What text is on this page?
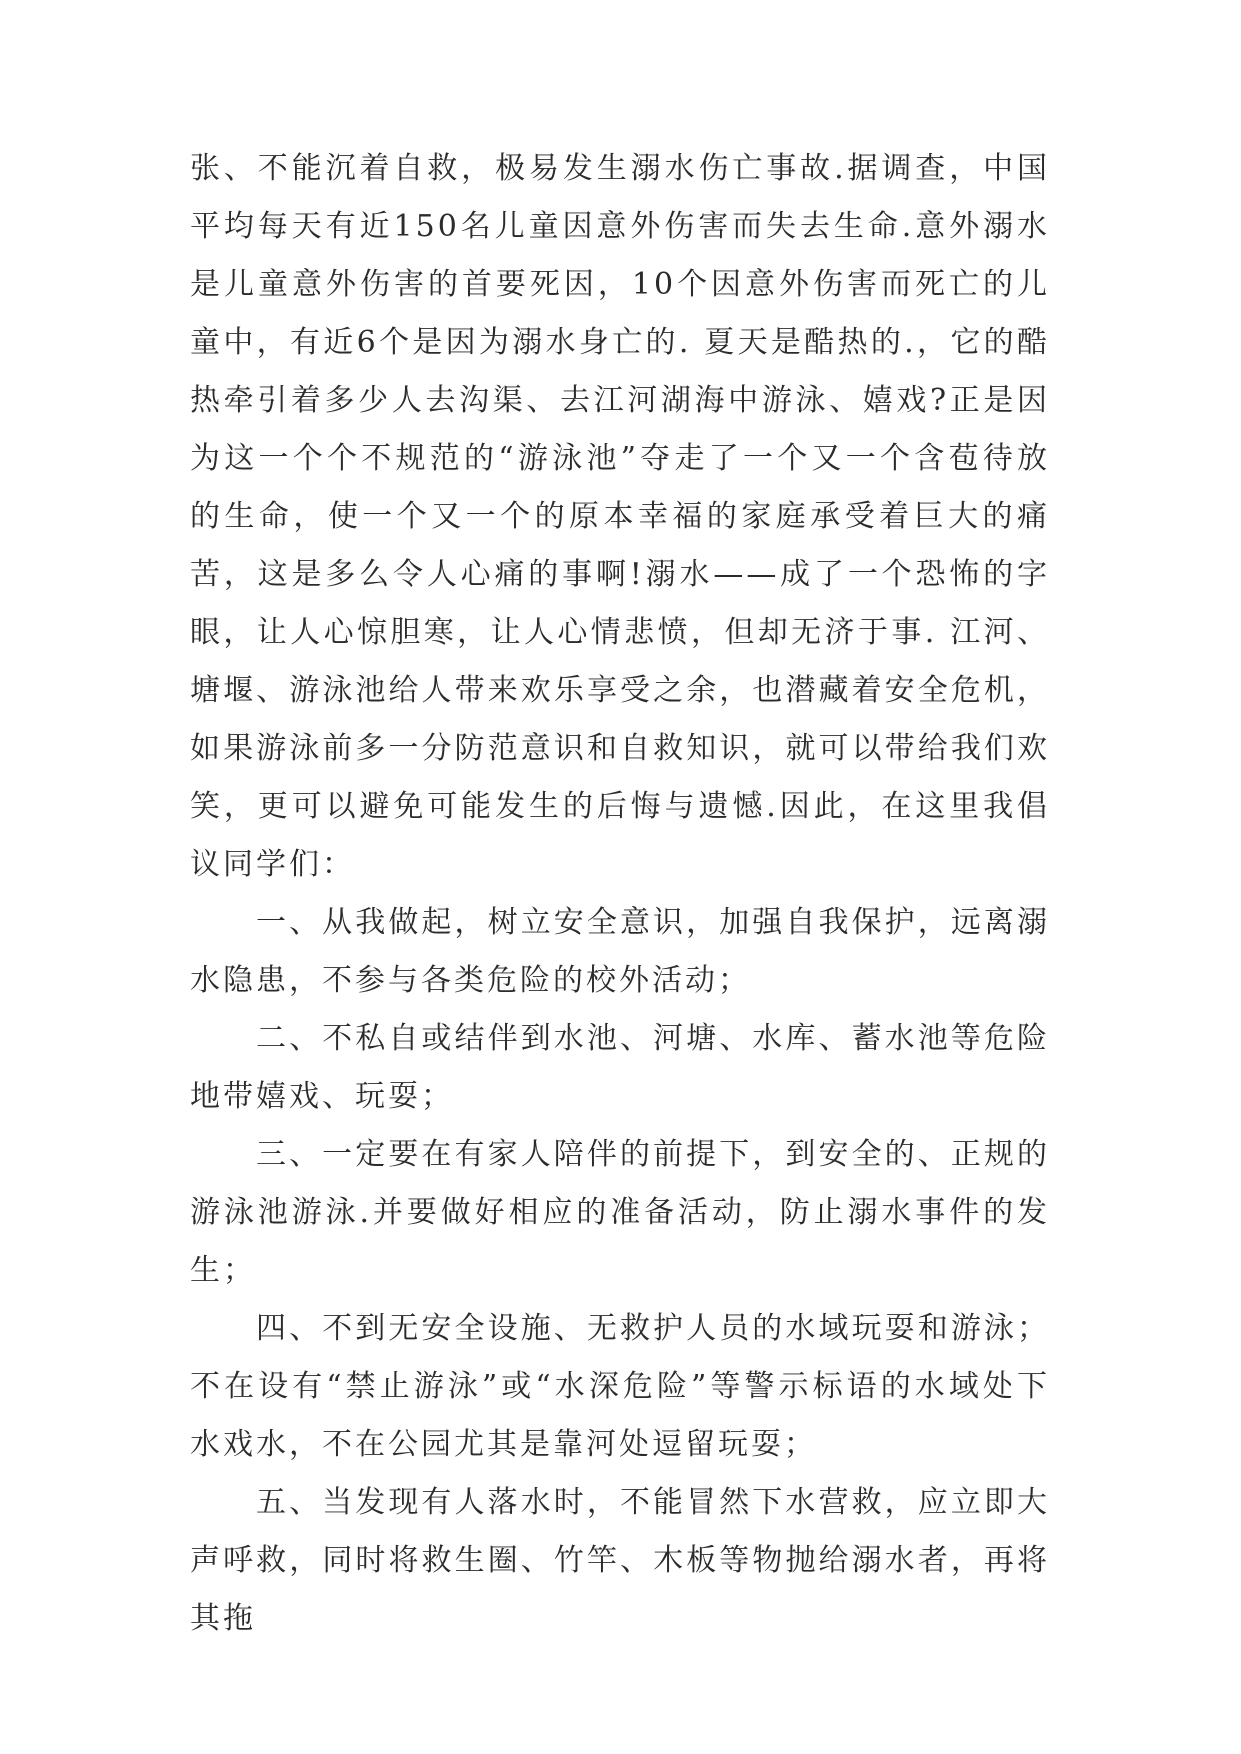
张、不能沉着自救，极易发生溺水伤亡事故.据调查，中国平均每天有近150名儿童因意外伤害而失去生命.意外溺水是儿童意外伤害的首要死因，10个因意外伤害而死亡的儿童中，有近6个是因为溺水身亡的. 夏天是酷热的.，它的酷热牵引着多少人去沟渠、去江河湖海中游泳、嬉戏?正是因为这一个个不规范的“游泳池”夺走了一个又一个含苞待放的生命，使一个又一个的原本幸福的家庭承受着巨大的痛苦，这是多么令人心痛的事啊!溺水——成了一个恐怖的字眼，让人心惊胆寒，让人心情悲愤，但却无济于事. 江河、塘堰、游泳池给人带来欢乐享受之余，也潜藏着安全危机，如果游泳前多一分防范意识和自救知识，就可以带给我们欢笑，更可以避免可能发生的后悔与遗憾.因此，在这里我倡议同学们：

一、从我做起，树立安全意识，加强自我保护，远离溺水隐患，不参与各类危险的校外活动；

二、不私自或结伴到水池、河塘、水库、蓄水池等危险地带嬉戏、玩耍；

三、一定要在有家人陪伴的前提下，到安全的、正规的游泳池游泳.并要做好相应的准备活动，防止溺水事件的发生；

四、不到无安全设施、无救护人员的水域玩耍和游泳；不在设有“禁止游泳”或“水深危险”等警示标语的水域处下水戏水，不在公园尤其是靠河处逗留玩耍；

五、当发现有人落水时，不能冒然下水营救，应立即大声呼救，同时将救生圈、竹竿、木板等物抛给溺水者，再将其拖
